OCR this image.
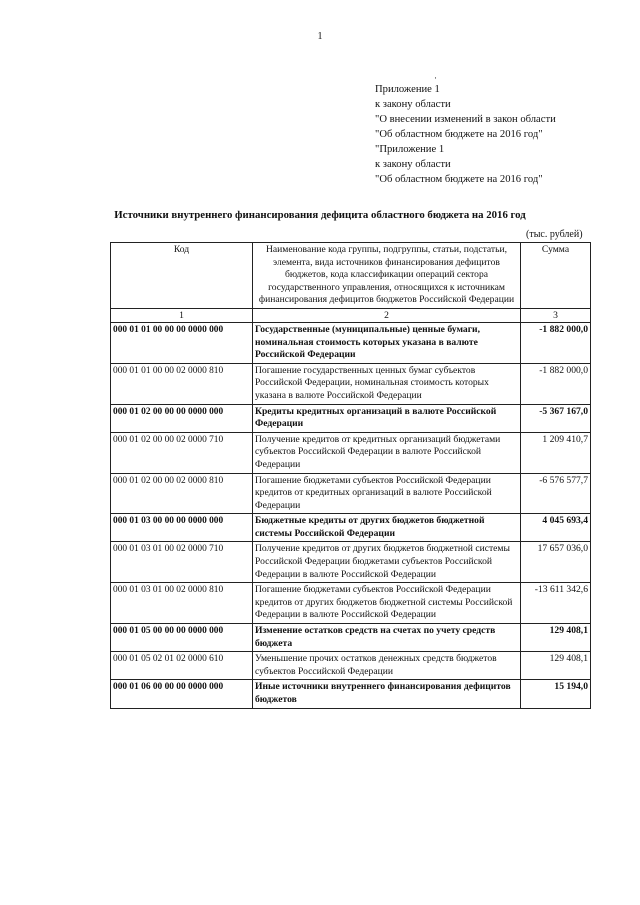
1
·
Приложение 1
к закону области
"О внесении изменений в закон области
"Об областном бюджете на 2016 год"
"Приложение 1
к закону области
"Об областном бюджете на 2016 год"
Источники внутреннего финансирования дефицита областного бюджета на 2016 год
(тыс. рублей)
Код	Наименование кода группы, подгруппы, статьи, подстатьи, элемента, вида источников финансирования дефицитов бюджетов, кода классификации операций сектора государственного управления, относящихся к источникам финансирования дефицитов бюджетов Российской Федерации	Сумма
1	2	3
000 01 01 00 00 00 0000 000	Государственные (муниципальные) ценные бумаги, номинальная стоимость которых указана в валюте Российской Федерации	-1 882 000,0
000 01 01 00 00 02 0000 810	Погашение государственных ценных бумаг субъектов Российской Федерации, номинальная стоимость которых указана в валюте Российской Федерации	-1 882 000,0
000 01 02 00 00 00 0000 000	Кредиты кредитных организаций в валюте Российской Федерации	-5 367 167,0
000 01 02 00 00 02 0000 710	Получение кредитов от кредитных организаций бюджетами субъектов Российской Федерации в валюте Российской Федерации	1 209 410,7
000 01 02 00 00 02 0000 810	Погашение бюджетами субъектов Российской Федерации кредитов от кредитных организаций в валюте Российской Федерации	-6 576 577,7
000 01 03 00 00 00 0000 000	Бюджетные кредиты от других бюджетов бюджетной системы Российской Федерации	4 045 693,4
000 01 03 01 00 02 0000 710	Получение кредитов от других бюджетов бюджетной системы Российской Федерации бюджетами субъектов Российской Федерации в валюте Российской Федерации	17 657 036,0
000 01 03 01 00 02 0000 810	Погашение бюджетами субъектов Российской Федерации кредитов от других бюджетов бюджетной системы Российской Федерации в валюте Российской Федерации	-13 611 342,6
000 01 05 00 00 00 0000 000	Изменение остатков средств на счетах по учету средств бюджета	129 408,1
000 01 05 02 01 02 0000 610	Уменьшение прочих остатков денежных средств бюджетов субъектов Российской Федерации	129 408,1
000 01 06 00 00 00 0000 000	Иные источники внутреннего финансирования дефицитов бюджетов	15 194,0
